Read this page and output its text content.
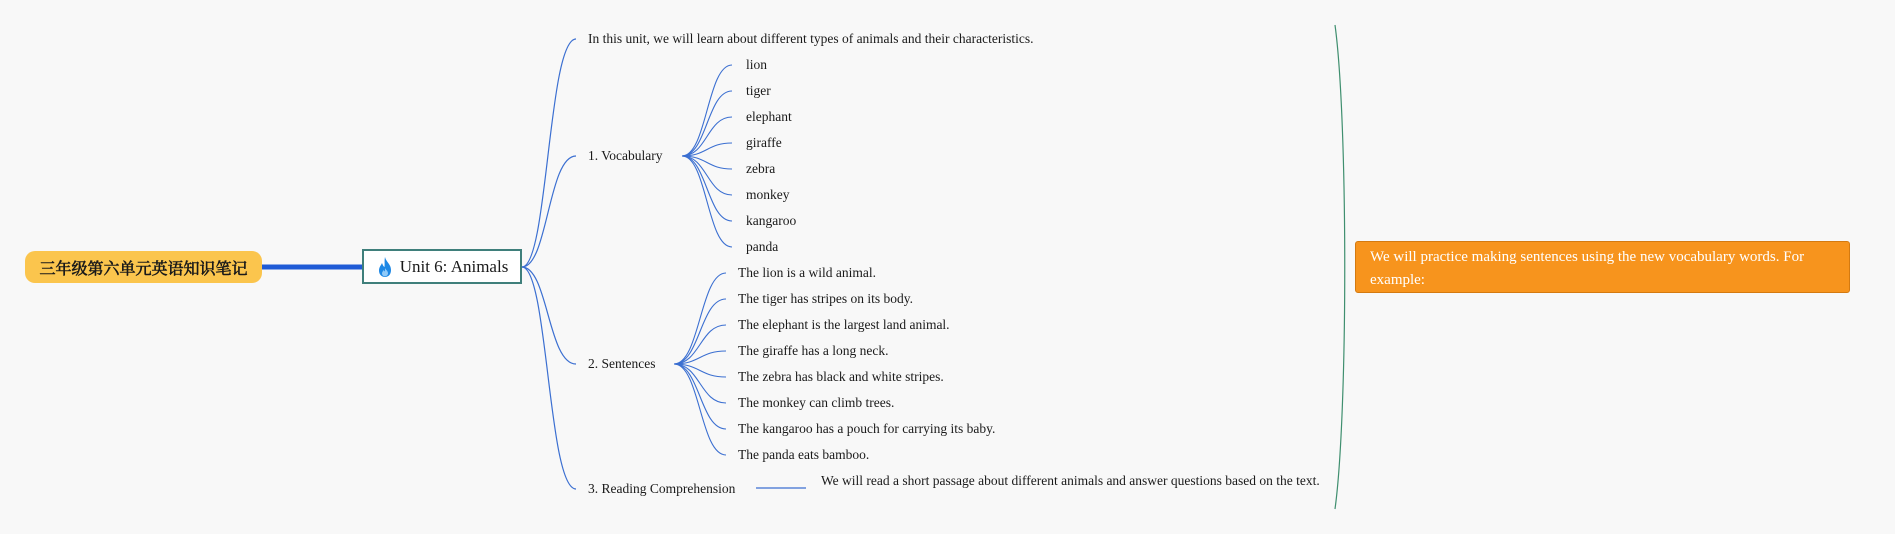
三年级第六单元英语知识笔记	Unit 6: Animals
In this unit, we will learn about different types of animals and their characteristics.
1. Vocabulary
lion
tiger
elephant
giraffe
zebra
monkey
kangaroo
panda
2. Sentences
The lion is a wild animal.
The tiger has stripes on its body.
The elephant is the largest land animal.
The giraffe has a long neck.
The zebra has black and white stripes.
The monkey can climb trees.
The kangaroo has a pouch for carrying its baby.
The panda eats bamboo.
3. Reading Comprehension
We will read a short passage about different animals and answer questions based on the text.
We will practice making sentences using the new vocabulary words. For example:
